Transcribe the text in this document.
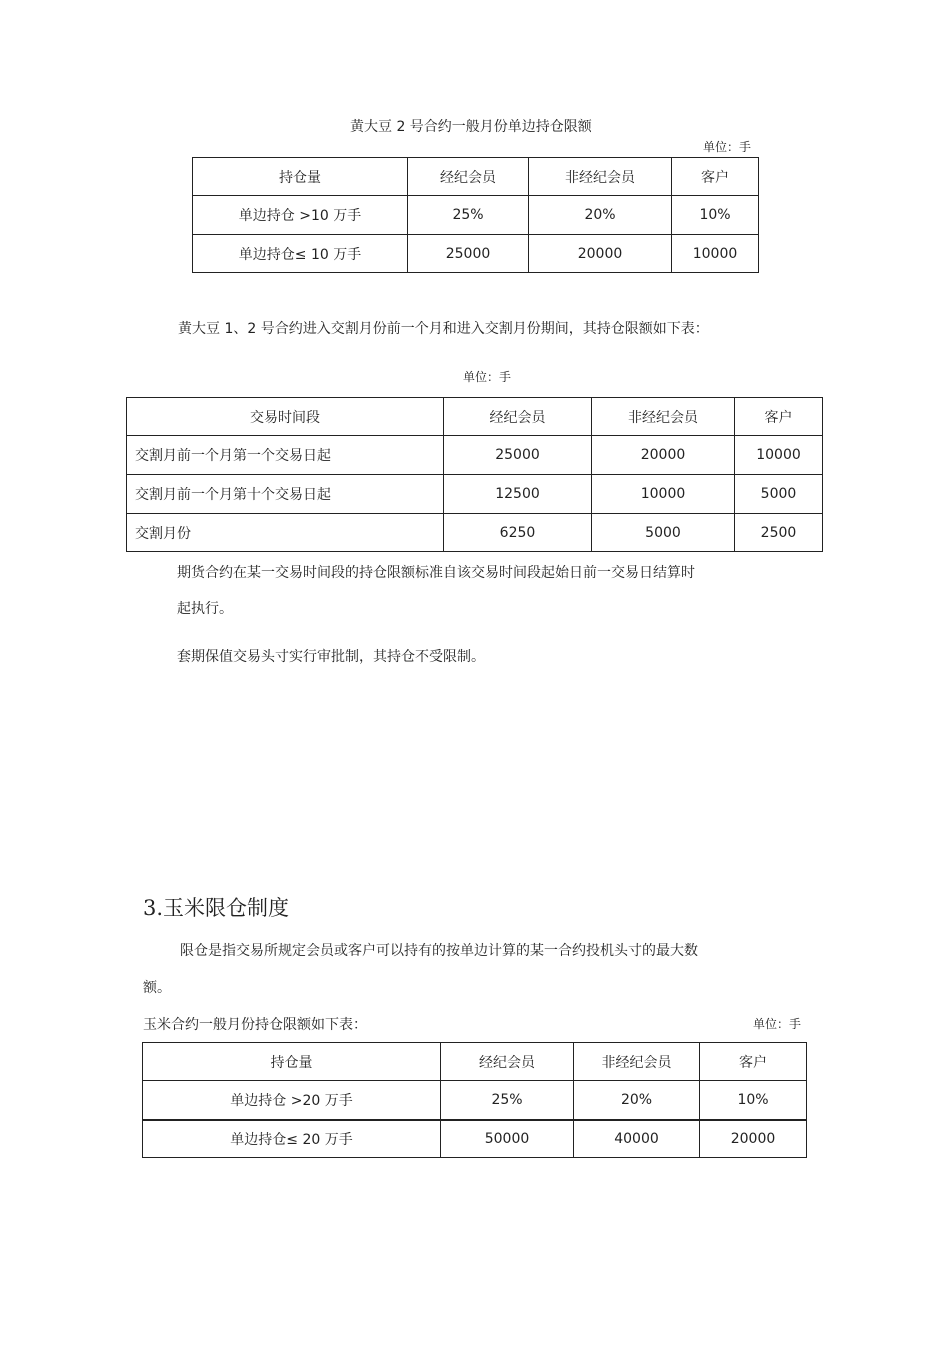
黄大豆 2 号合约一般月份单边持仓限额
单位：手
持仓量	经纪会员	非经纪会员	客户
单边持仓 >10 万手	25%	20%	10%
单边持仓≤ 10 万手	25000	20000	10000
黄大豆 1、2 号合约进入交割月份前一个月和进入交割月份期间，其持仓限额如下表：
单位：手
交易时间段	经纪会员	非经纪会员	客户
交割月前一个月第一个交易日起	25000	20000	10000
交割月前一个月第十个交易日起	12500	10000	5000
交割月份	6250	5000	2500
期货合约在某一交易时间段的持仓限额标准自该交易时间段起始日前一交易日结算时
起执行。
套期保值交易头寸实行审批制，其持仓不受限制。
3.玉米限仓制度
限仓是指交易所规定会员或客户可以持有的按单边计算的某一合约投机头寸的最大数
额。
玉米合约一般月份持仓限额如下表：	单位：手
持仓量	经纪会员	非经纪会员	客户
单边持仓 >20 万手	25%	20%	10%
单边持仓≤ 20 万手	50000	40000	20000
